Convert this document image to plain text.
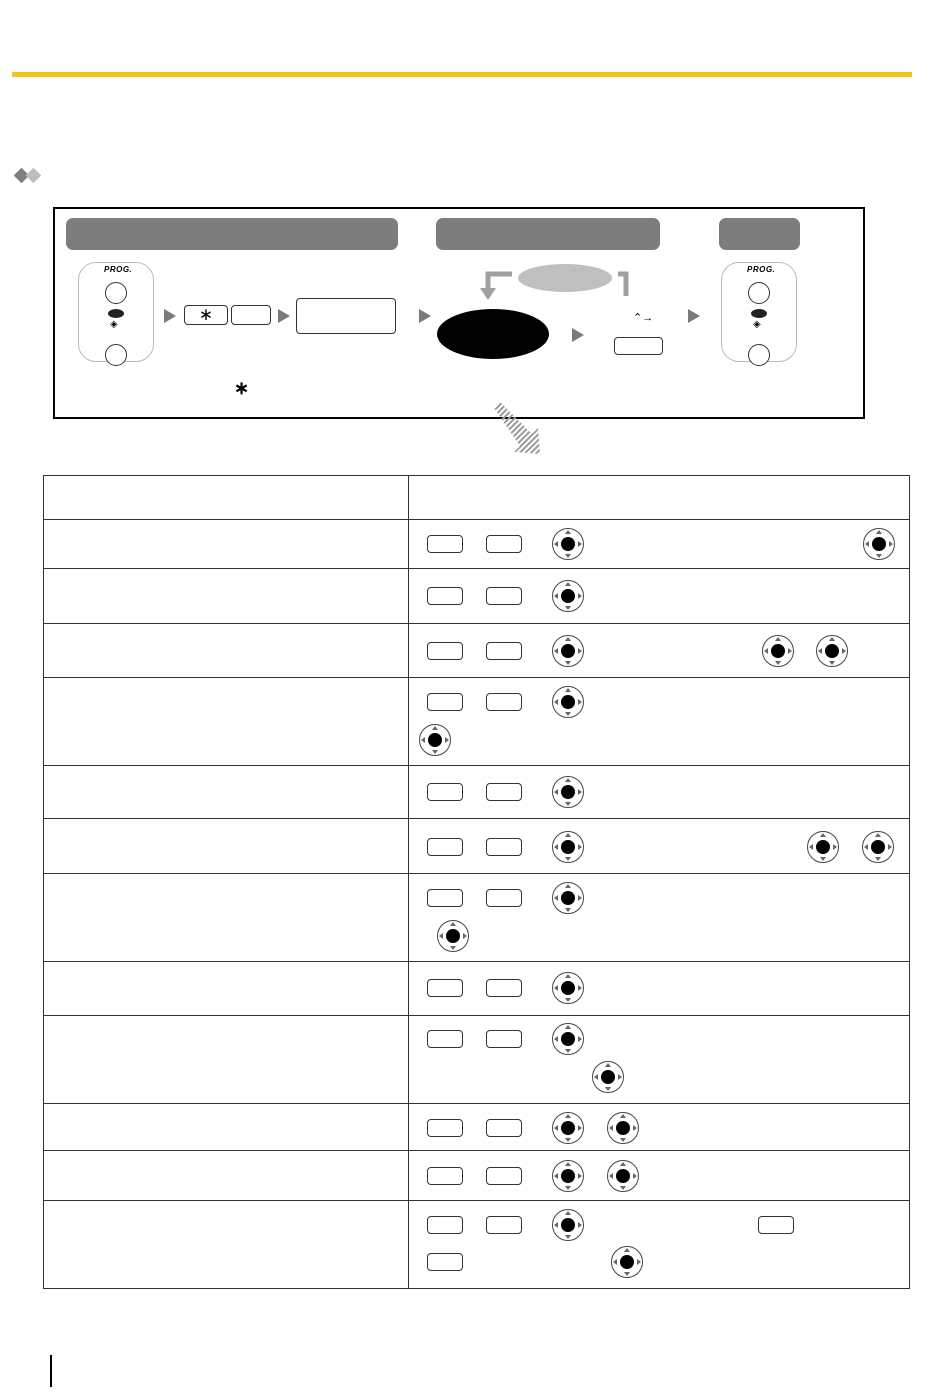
PROG.
◈
∗	⌃→
PROG.
◈
∗
